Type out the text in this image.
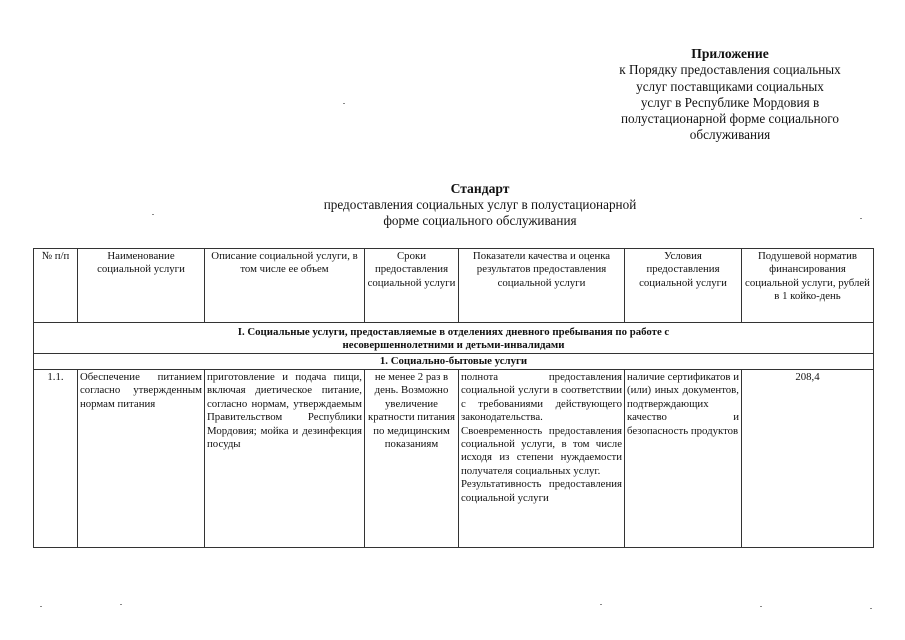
Приложение
к Порядку предоставления социальных
услуг поставщиками социальных
услуг в Республике Мордовия в
полустационарной форме социального
обслуживания
Стандарт
предоставления социальных услуг в полустационарной
форме социального обслуживания
№ п/п	Наименование социальной услуги	Описание социальной услуги, в том числе ее объем	Сроки предоставления социальной услуги	Показатели качества и оценка результатов предоставления социальной услуги	Условия предоставления социальной услуги	Подушевой норматив финансирования социальной услуги, рублей в 1 койко-день
I. Социальные услуги, предоставляемые в отделениях дневного пребывания по работе с несовершеннолетними и детьми-инвалидами						
1. Социально-бытовые услуги						
1.1.	Обеспечение питанием согласно утвержденным нормам питания	приготовление и подача пищи, включая диетическое питание, согласно нормам, утверждаемым Правительством Республики Мордовия; мойка и дезинфекция посуды	не менее 2 раз в день. Возможно увеличение кратности питания по медицинским показаниям	полнота предоставления социальной услуги в соответствии с требованиями действующего законодательства.
Своевременность предоставления социальной услуги, в том числе исходя из степени нуждаемости получателя социальных услуг.
Результативность предоставления социальной услуги	наличие сертификатов и (или) иных документов, подтверждающих качество и безопасность продуктов	208,4
